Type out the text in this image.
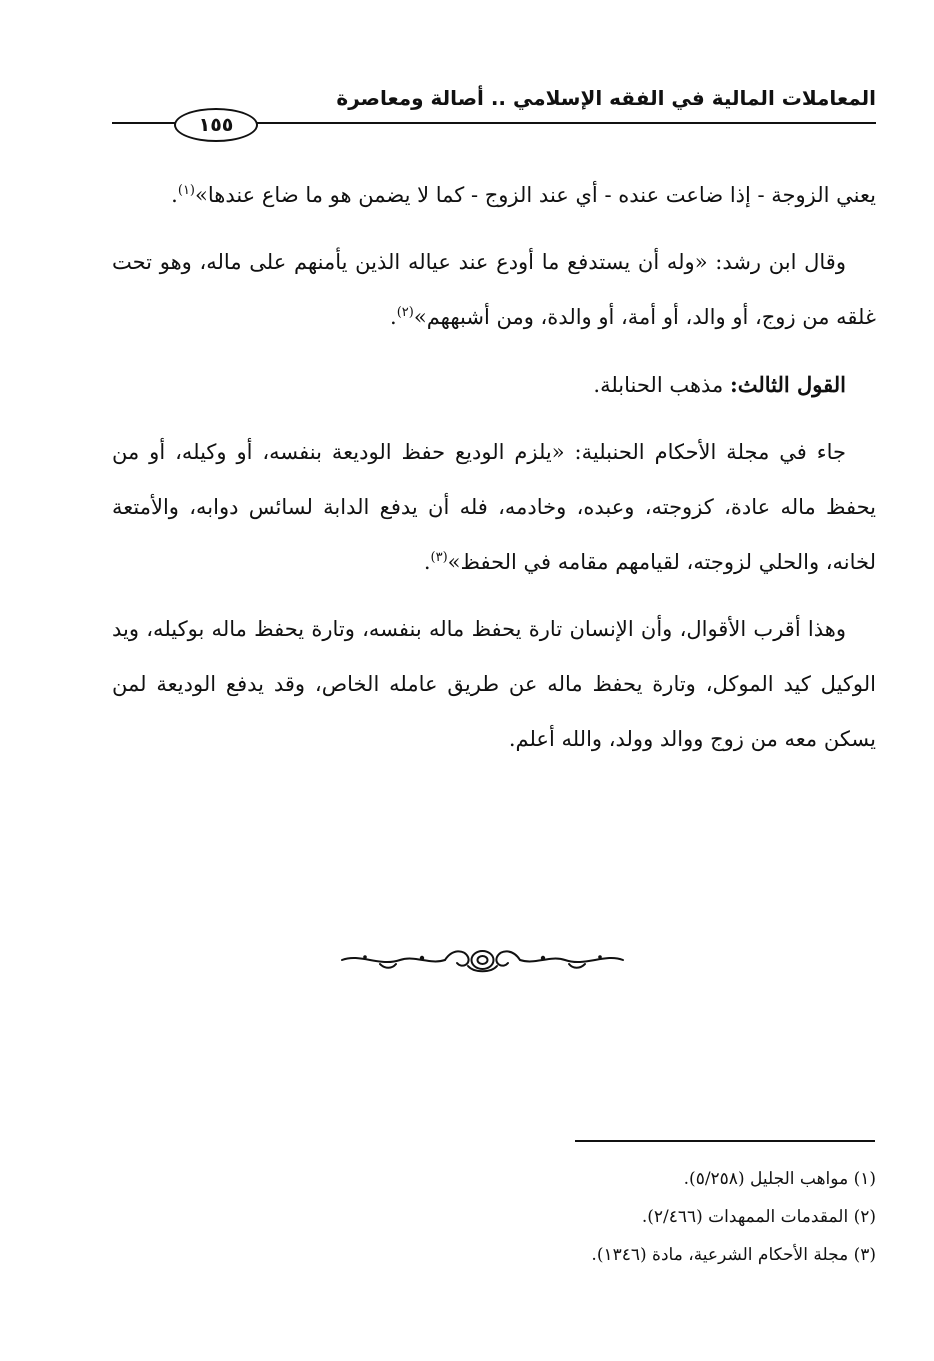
المعاملات المالية في الفقه الإسلامي .. أصالة ومعاصرة
١٥٥

يعني الزوجة - إذا ضاعت عنده - أي عند الزوج - كما لا يضمن هو ما ضاع عندها»$^{(١)}$.

وقال ابن رشد: «وله أن يستدفع ما أودع عند عياله الذين يأمنهم على ماله، وهو تحت غلقه من زوج، أو والد، أو أمة، أو والدة، ومن أشبههم»$^{(٢)}$.

القول الثالث: مذهب الحنابلة.

جاء في مجلة الأحكام الحنبلية: «يلزم الوديع حفظ الوديعة بنفسه، أو وكيله، أو من يحفظ ماله عادة، كزوجته، وعبده، وخادمه، فله أن يدفع الدابة لسائس دوابه، والأمتعة لخانه، والحلي لزوجته، لقيامهم مقامه في الحفظ»$^{(٣)}$.

وهذا أقرب الأقوال، وأن الإنسان تارة يحفظ ماله بنفسه، وتارة يحفظ ماله بوكيله، ويد الوكيل كيد الموكل، وتارة يحفظ ماله عن طريق عامله الخاص، وقد يدفع الوديعة لمن يسكن معه من زوج ووالد وولد، والله أعلم.

(١) مواهب الجليل (٥/٢٥٨).
(٢) المقدمات الممهدات (٢/٤٦٦).
(٣) مجلة الأحكام الشرعية، مادة (١٣٤٦).
